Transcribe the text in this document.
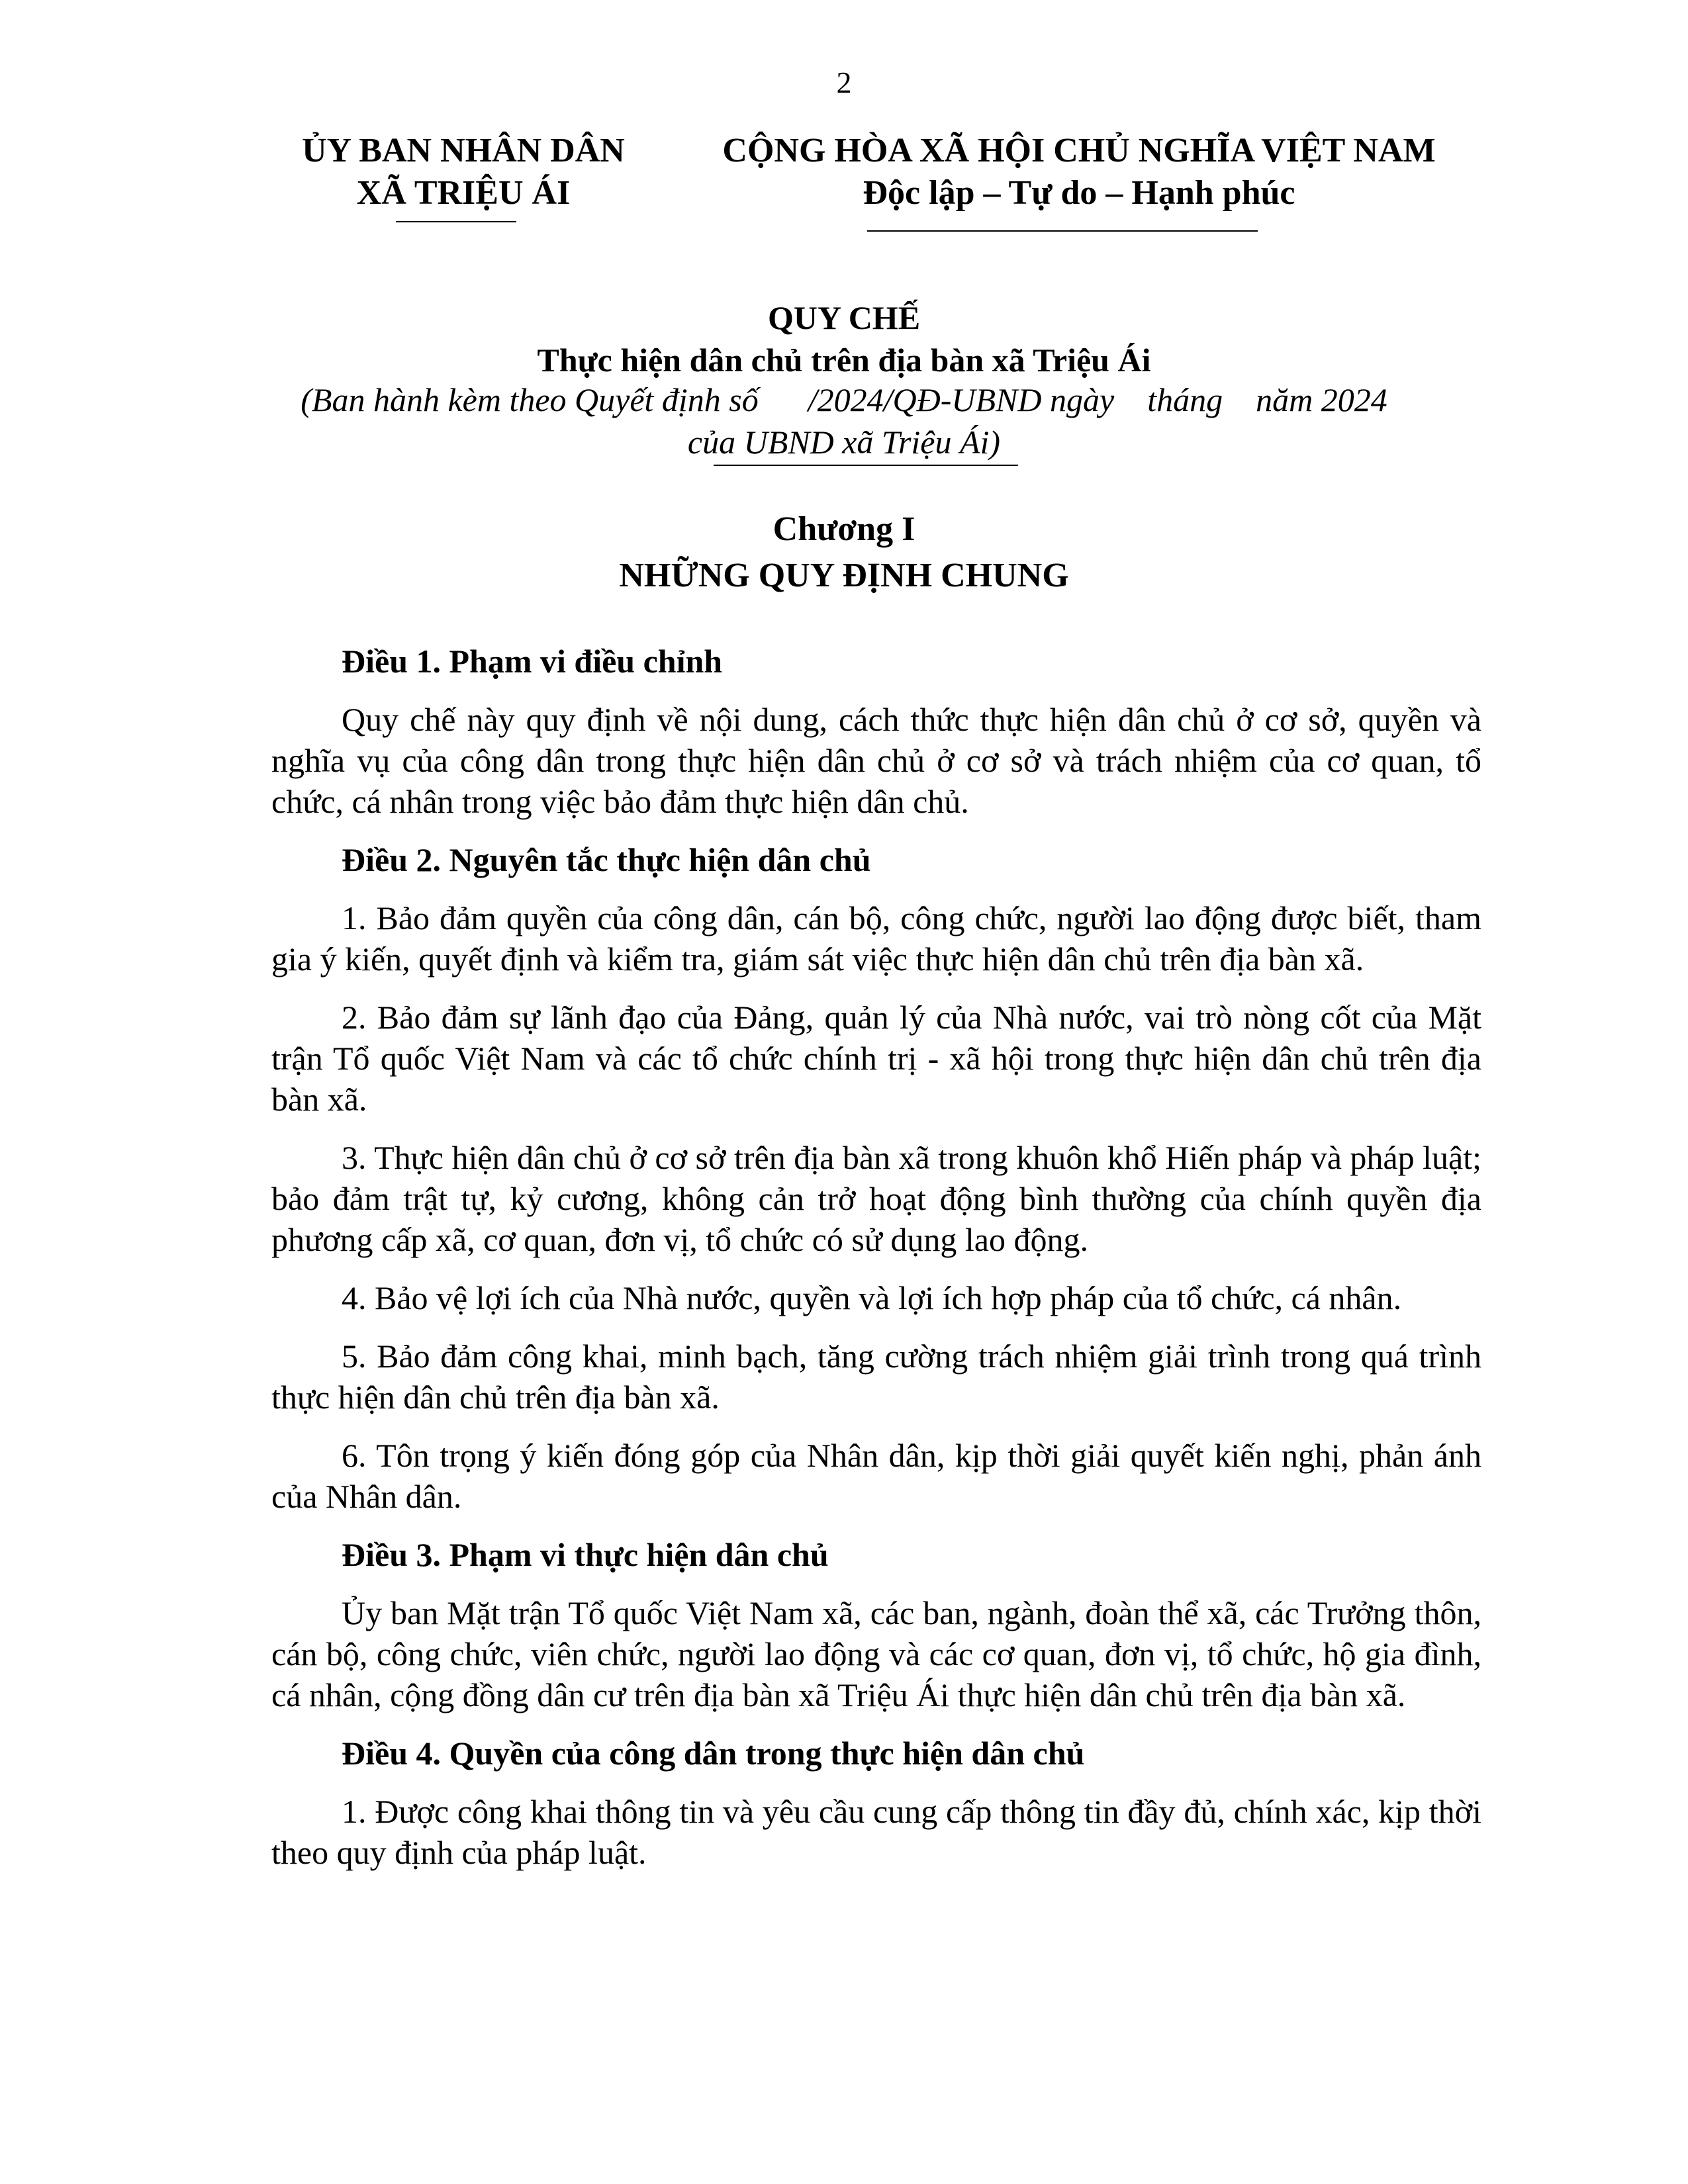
2
ỦY BAN NHÂN DÂN
XÃ TRIỆU ÁI
CỘNG HÒA XÃ HỘI CHỦ NGHĨA VIỆT NAM
Độc lập – Tự do – Hạnh phúc
QUY CHẾ
Thực hiện dân chủ trên địa bàn xã Triệu Ái
(Ban hành kèm theo Quyết định số      /2024/QĐ-UBND ngày    tháng    năm 2024
của UBND xã Triệu Ái)
Chương I
NHỮNG QUY ĐỊNH CHUNG

Điều 1. Phạm vi điều chỉnh

Quy chế này quy định về nội dung, cách thức thực hiện dân chủ ở cơ sở, quyền và nghĩa vụ của công dân trong thực hiện dân chủ ở cơ sở và trách nhiệm của cơ quan, tổ chức, cá nhân trong việc bảo đảm thực hiện dân chủ.

Điều 2. Nguyên tắc thực hiện dân chủ

1. Bảo đảm quyền của công dân, cán bộ, công chức, người lao động được biết, tham gia ý kiến, quyết định và kiểm tra, giám sát việc thực hiện dân chủ trên địa bàn xã.

2. Bảo đảm sự lãnh đạo của Đảng, quản lý của Nhà nước, vai trò nòng cốt của Mặt trận Tổ quốc Việt Nam và các tổ chức chính trị - xã hội trong thực hiện dân chủ trên địa bàn xã.

3. Thực hiện dân chủ ở cơ sở trên địa bàn xã trong khuôn khổ Hiến pháp và pháp luật; bảo đảm trật tự, kỷ cương, không cản trở hoạt động bình thường của chính quyền địa phương cấp xã, cơ quan, đơn vị, tổ chức có sử dụng lao động.

4. Bảo vệ lợi ích của Nhà nước, quyền và lợi ích hợp pháp của tổ chức, cá nhân.

5. Bảo đảm công khai, minh bạch, tăng cường trách nhiệm giải trình trong quá trình thực hiện dân chủ trên địa bàn xã.

6. Tôn trọng ý kiến đóng góp của Nhân dân, kịp thời giải quyết kiến nghị, phản ánh của Nhân dân.

Điều 3. Phạm vi thực hiện dân chủ

Ủy ban Mặt trận Tổ quốc Việt Nam xã, các ban, ngành, đoàn thể xã, các Trưởng thôn, cán bộ, công chức, viên chức, người lao động và các cơ quan, đơn vị, tổ chức, hộ gia đình, cá nhân, cộng đồng dân cư trên địa bàn xã Triệu Ái thực hiện dân chủ trên địa bàn xã.

Điều 4. Quyền của công dân trong thực hiện dân chủ

1. Được công khai thông tin và yêu cầu cung cấp thông tin đầy đủ, chính xác, kịp thời theo quy định của pháp luật.
